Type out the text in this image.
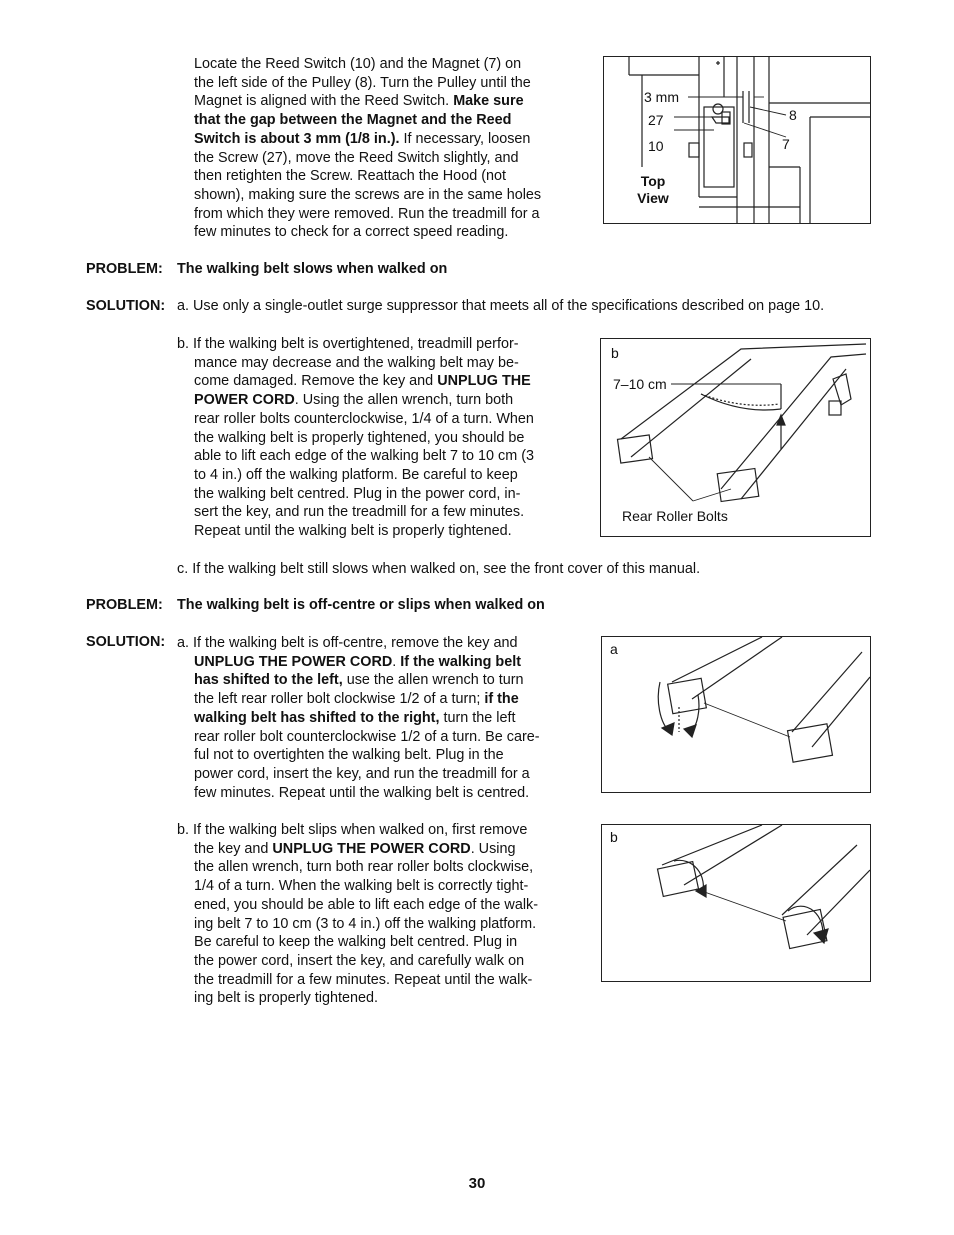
Locate the Reed Switch (10) and the Magnet (7) on
the left side of the Pulley (8). Turn the Pulley until the
Magnet is aligned with the Reed Switch. Make sure
that the gap between the Magnet and the Reed
Switch is about 3 mm (1/8 in.). If necessary, loosen
the Screw (27), move the Reed Switch slightly, and
then retighten the Screw. Reattach the Hood (not
shown), making sure the screws are in the same holes
from which they were removed. Run the treadmill for a
few minutes to check for a correct speed reading.
3 mm
27
10
8
7
Top
View
PROBLEM: The walking belt slows when walked on
SOLUTION: a. Use only a single-outlet surge suppressor that meets all of the specifications described on page 10.
b. If the walking belt is overtightened, treadmill perfor-
mance may decrease and the walking belt may be-
come damaged. Remove the key and UNPLUG THE
POWER CORD. Using the allen wrench, turn both
rear roller bolts counterclockwise, 1/4 of a turn. When
the walking belt is properly tightened, you should be
able to lift each edge of the walking belt 7 to 10 cm (3
to 4 in.) off the walking platform. Be careful to keep
the walking belt centred. Plug in the power cord, in-
sert the key, and run the treadmill for a few minutes.
Repeat until the walking belt is properly tightened.
b
7–10 cm
Rear Roller Bolts
c. If the walking belt still slows when walked on, see the front cover of this manual.
PROBLEM: The walking belt is off-centre or slips when walked on
SOLUTION: a. If the walking belt is off-centre, remove the key and
UNPLUG THE POWER CORD. If the walking belt
has shifted to the left, use the allen wrench to turn
the left rear roller bolt clockwise 1/2 of a turn; if the
walking belt has shifted to the right, turn the left
rear roller bolt counterclockwise 1/2 of a turn. Be care-
ful not to overtighten the walking belt. Plug in the
power cord, insert the key, and run the treadmill for a
few minutes. Repeat until the walking belt is centred.
a
b. If the walking belt slips when walked on, first remove
the key and UNPLUG THE POWER CORD. Using
the allen wrench, turn both rear roller bolts clockwise,
1/4 of a turn. When the walking belt is correctly tight-
ened, you should be able to lift each edge of the walk-
ing belt 7 to 10 cm (3 to 4 in.) off the walking platform.
Be careful to keep the walking belt centred. Plug in
the power cord, insert the key, and carefully walk on
the treadmill for a few minutes. Repeat until the walk-
ing belt is properly tightened.
b
30
